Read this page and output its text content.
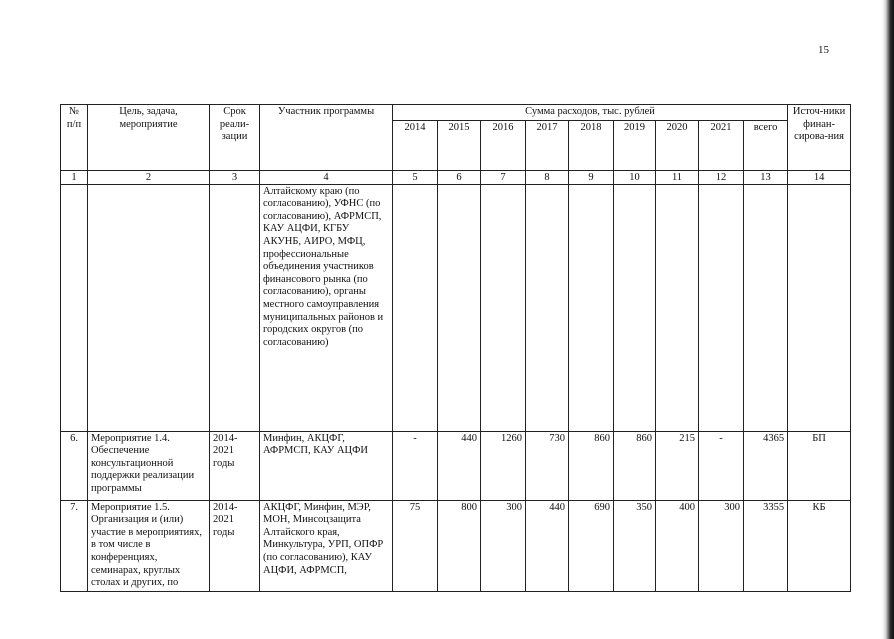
15
№ п/п	Цель, задача, мероприятие	Срок реали-зации	Участник программы	Сумма расходов, тыс. рублей									Источ-ники финан-сирова-ния
				2014	2015	2016	2017	2018	2019	2020	2021	всего	
1	2	3	4	5	6	7	8	9	10	11	12	13	14
			Алтайскому краю (по согласованию), УФНС (по согласованию), АФРМСП, КАУ АЦФИ, КГБУ АКУНБ, АИРО, МФЦ, профессиональные объединения участников финансового рынка (по согласованию), органы местного самоуправления муниципальных районов и городских округов (по согласованию)										
6.	Мероприятие 1.4. Обеспечение консультационной поддержки реализации программы	2014-2021 годы	Минфин, АКЦФГ, АФРМСП, КАУ АЦФИ	-	440	1260	730	860	860	215	-	4365	БП
7.	Мероприятие 1.5. Организация и (или) участие в мероприятиях, в том числе в конференциях, семинарах, круглых столах и других, по	2014-2021 годы	АКЦФГ, Минфин, МЭР, МОН, Минсоцзащита Алтайского края, Минкультура, УРП, ОПФР (по согласованию), КАУ АЦФИ, АФРМСП,	75	800	300	440	690	350	400	300	3355	КБ
